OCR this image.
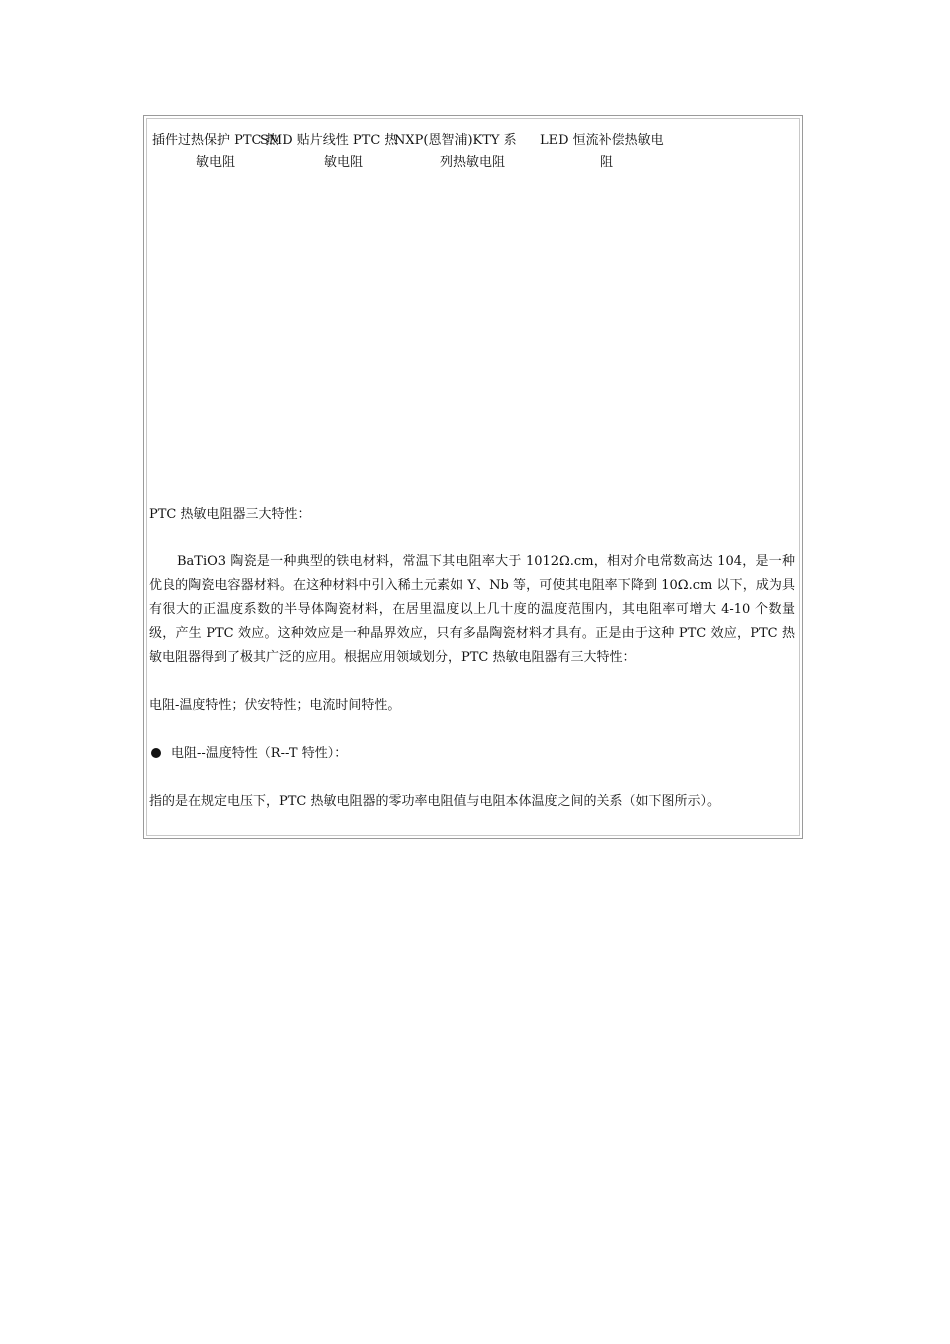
插件过热保护 PTC 热
敏电阻
SMD 贴片线性 PTC 热
敏电阻
NXP(恩智浦)KTY 系
列热敏电阻
LED 恒流补偿热敏电
阻

PTC 热敏电阻器三大特性：

BaTiO3 陶瓷是一种典型的铁电材料，常温下其电阻率大于 1012Ω.cm，相对介电常数高达 104，是一种优良的陶瓷电容器材料。在这种材料中引入稀土元素如 Y、Nb 等，可使其电阻率下降到 10Ω.cm 以下，成为具有很大的正温度系数的半导体陶瓷材料，在居里温度以上几十度的温度范围内，其电阻率可增大 4-10 个数量级，产生 PTC 效应。这种效应是一种晶界效应，只有多晶陶瓷材料才具有。正是由于这种 PTC 效应，PTC 热敏电阻器得到了极其广泛的应用。根据应用领域划分，PTC 热敏电阻器有三大特性：

电阻-温度特性；伏安特性；电流时间特性。

电阻--温度特性（R--T 特性）：

指的是在规定电压下，PTC 热敏电阻器的零功率电阻值与电阻本体温度之间的关系（如下图所示）。
